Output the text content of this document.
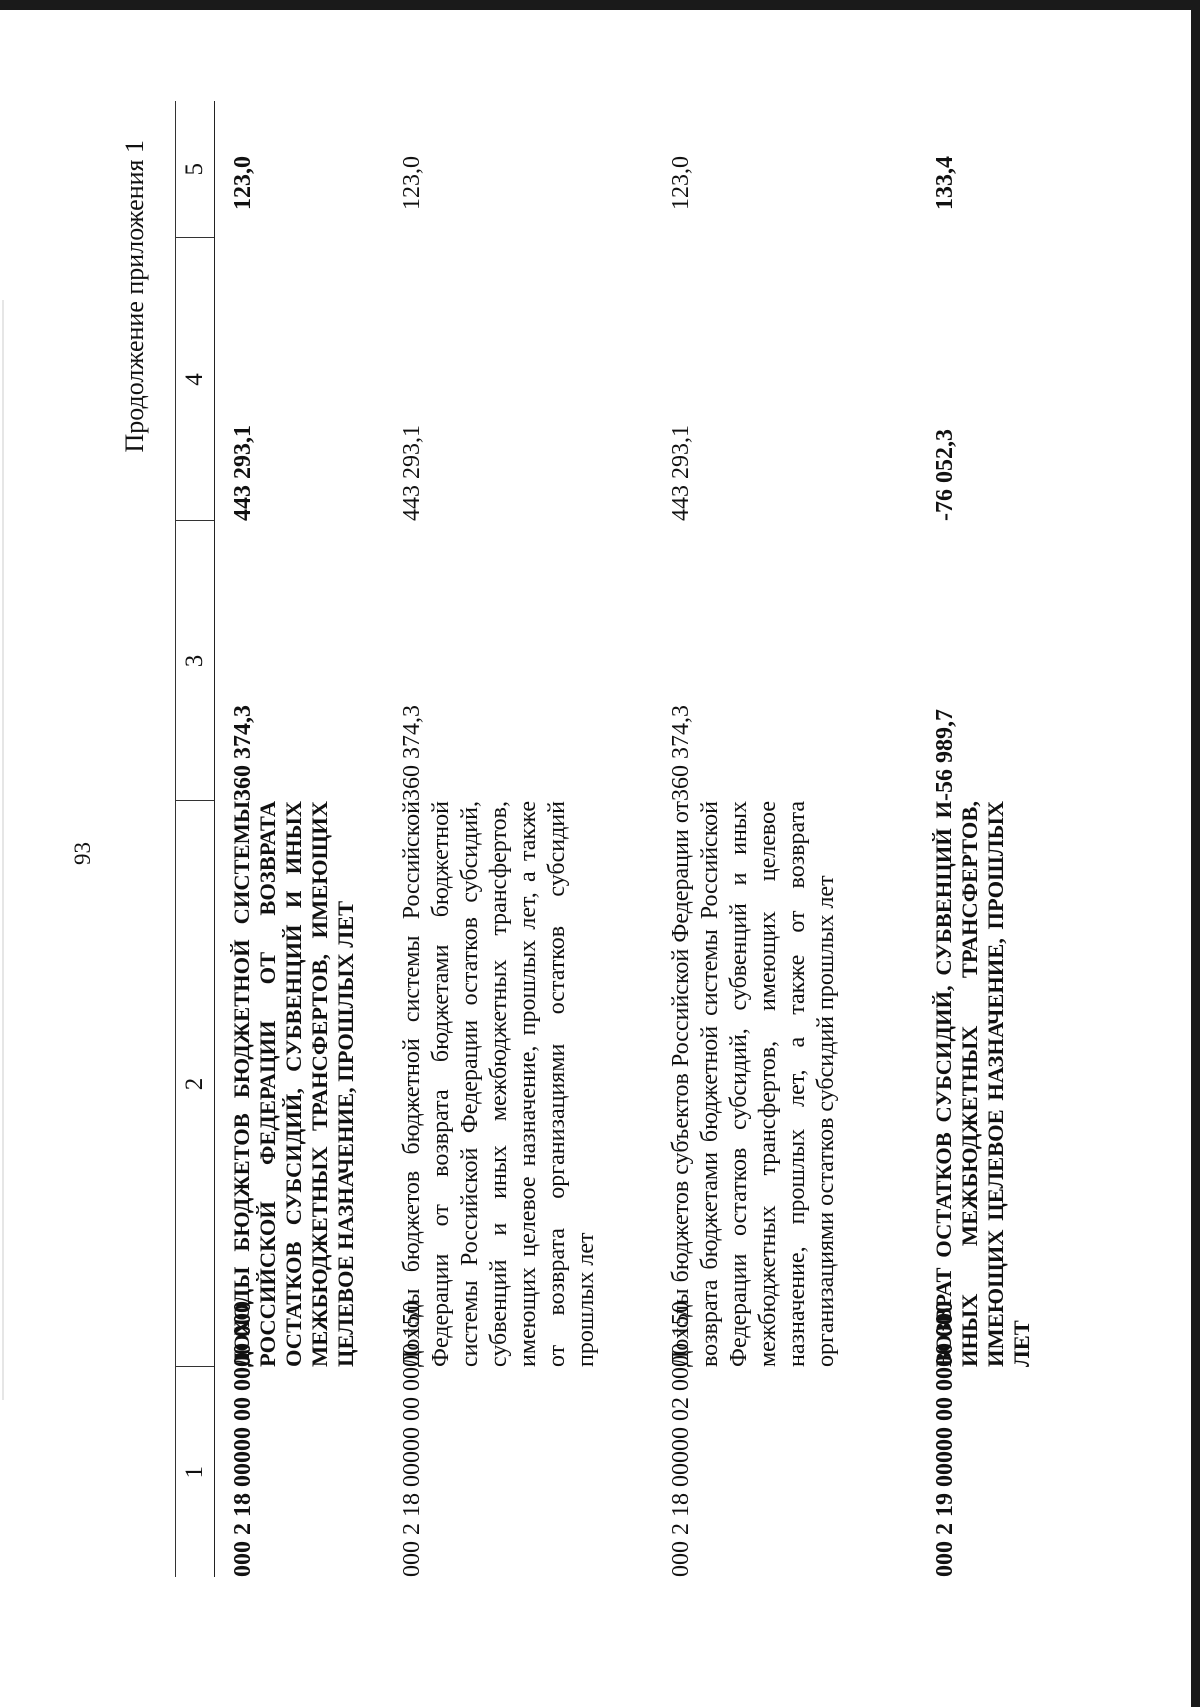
93
Продолжение приложения 1
1	2	3	4	5
000 2 18 00000 00 0000 000	ДОХОДЫ БЮДЖЕТОВ БЮДЖЕТНОЙ СИСТЕМЫ РОССИЙСКОЙ ФЕДЕРАЦИИ ОТ ВОЗВРАТА ОСТАТКОВ СУБСИДИЙ, СУБВЕНЦИЙ И ИНЫХ МЕЖБЮДЖЕТНЫХ ТРАНСФЕРТОВ, ИМЕЮЩИХ ЦЕЛЕВОЕ НАЗНАЧЕНИЕ, ПРОШЛЫХ ЛЕТ	360 374,3	443 293,1	123,0
000 2 18 00000 00 0000 150	Доходы бюджетов бюджетной системы Российской Федерации от возврата бюджетами бюджетной системы Российской Федерации остатков субсидий, субвенций и иных межбюджетных трансфертов, имеющих целевое назначение, прошлых лет, а также от возврата организациями остатков субсидий прошлых лет	360 374,3	443 293,1	123,0
000 2 18 00000 02 0000 150	Доходы бюджетов субъектов Российской Федерации от возврата бюджетами бюджетной системы Российской Федерации остатков субсидий, субвенций и иных межбюджетных трансфертов, имеющих целевое назначение, прошлых лет, а также от возврата организациями остатков субсидий прошлых лет	360 374,3	443 293,1	123,0
000 2 19 00000 00 0000 000	ВОЗВРАТ ОСТАТКОВ СУБСИДИЙ, СУБВЕНЦИЙ И ИНЫХ МЕЖБЮДЖЕТНЫХ ТРАНСФЕРТОВ, ИМЕЮЩИХ ЦЕЛЕВОЕ НАЗНАЧЕНИЕ, ПРОШЛЫХ ЛЕТ	-56 989,7	-76 052,3	133,4
